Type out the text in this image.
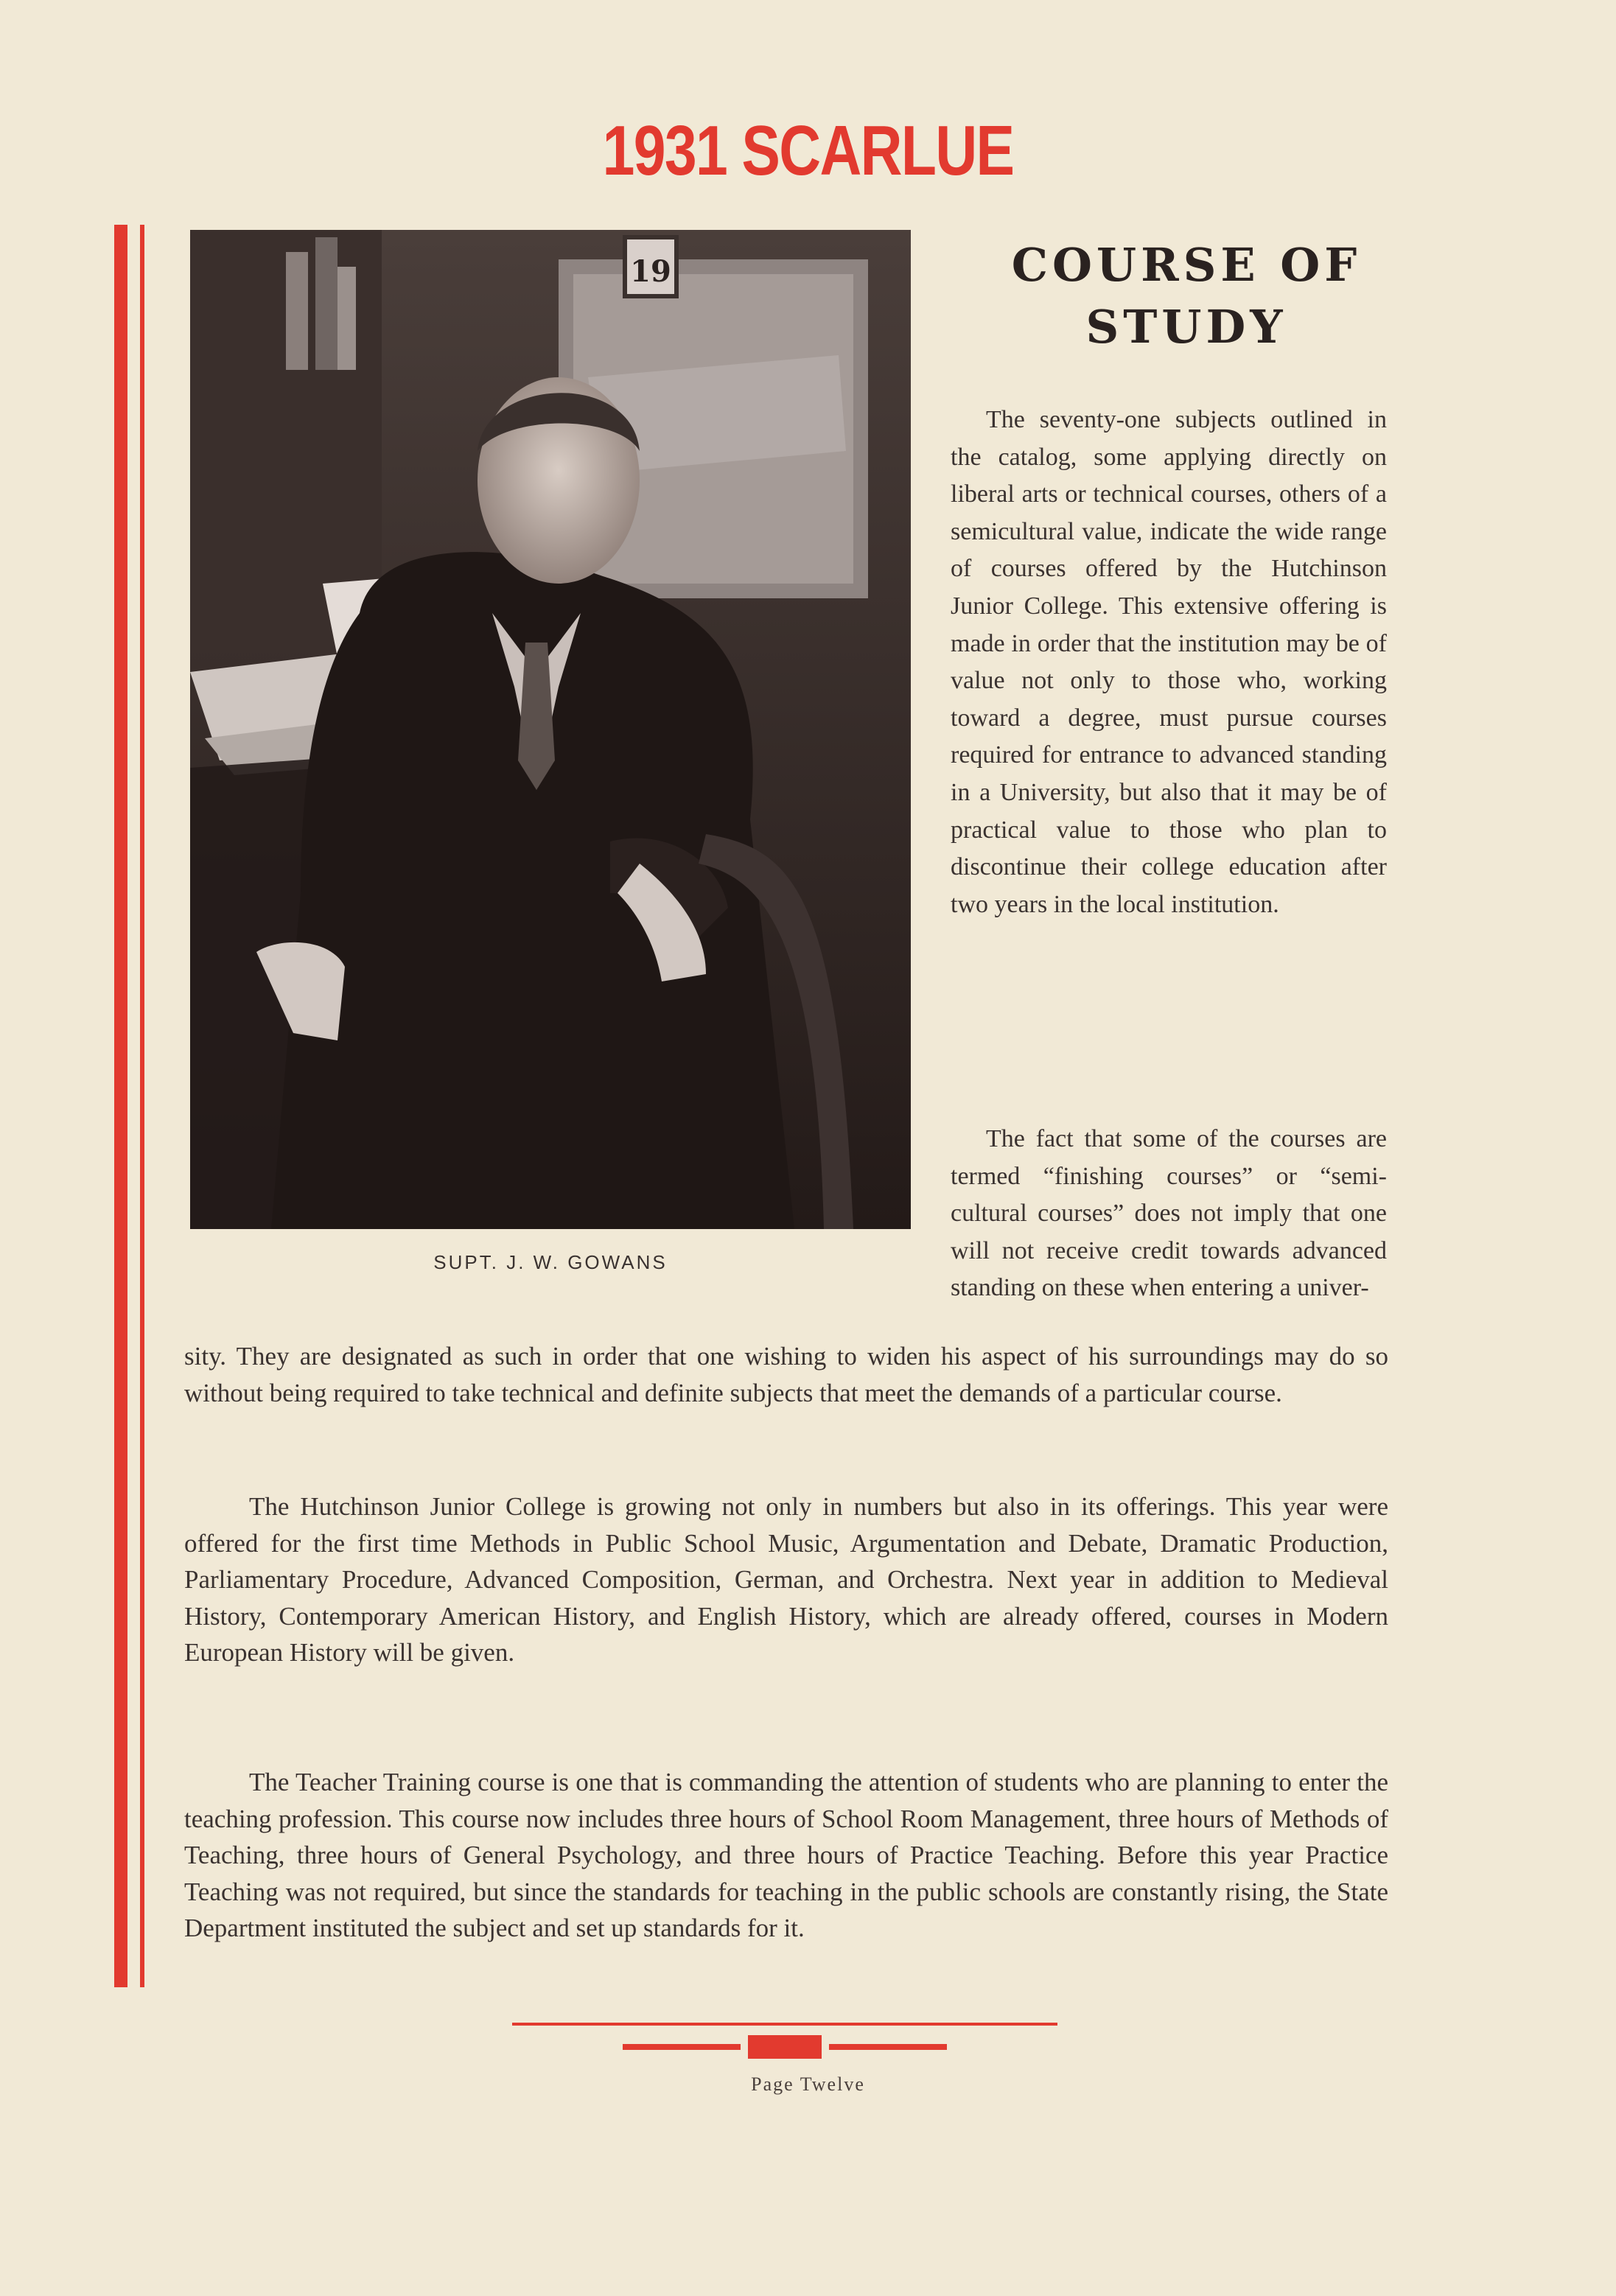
1931 SCARLUE
19
SUPT. J. W. GOWANS
COURSE OF
STUDY

The seventy-one subjects outlined in the catalog, some applying directly on liberal arts or technical courses, others of a semicultural value, indicate the wide range of courses offered by the Hutchinson Junior College. This extensive offering is made in order that the institution may be of value not only to those who, working toward a degree, must pursue courses required for entrance to advanced standing in a University, but also that it may be of practical value to those who plan to discontinue their college education after two years in the local institution.

The fact that some of the courses are termed “finishing courses” or “semi-cultural courses” does not imply that one will not receive credit towards advanced standing on these when entering a univer-

sity. They are designated as such in order that one wishing to widen his aspect of his surroundings may do so without being required to take technical and definite subjects that meet the demands of a particular course.

The Hutchinson Junior College is growing not only in numbers but also in its offerings. This year were offered for the first time Methods in Public School Music, Argumentation and Debate, Dramatic Production, Parliamentary Procedure, Advanced Composition, German, and Orchestra. Next year in addition to Medieval History, Contemporary American History, and English History, which are already offered, courses in Modern European History will be given.

The Teacher Training course is one that is commanding the attention of students who are planning to enter the teaching profession. This course now includes three hours of School Room Management, three hours of Methods of Teaching, three hours of General Psychology, and three hours of Practice Teaching. Before this year Practice Teaching was not required, but since the standards for teaching in the public schools are constantly rising, the State Department instituted the subject and set up standards for it.

Page Twelve
